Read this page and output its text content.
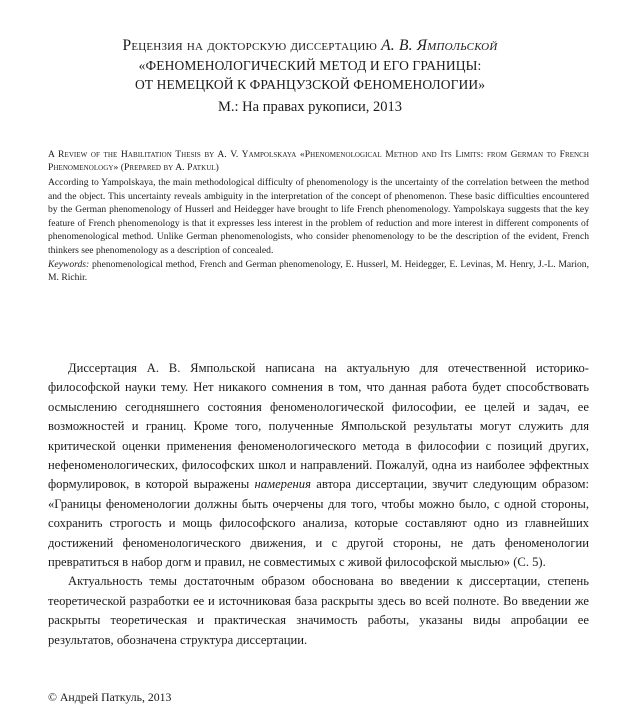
Рецензия на докторскую диссертацию А. В. Ямпольской
«ФЕНОМЕНОЛОГИЧЕСКИЙ МЕТОД И ЕГО ГРАНИЦЫ:
ОТ НЕМЕЦКОЙ К ФРАНЦУЗСКОЙ ФЕНОМЕНОЛОГИИ»
М.: На правах рукописи, 2013
A Review of the Habilitation Thesis by A. V. Yampolskaya «Phenomenological Method and Its Limits: from German to French Phenomenology» (Prepared by A. Patkul)

According to Yampolskaya, the main methodological difficulty of phenomenology is the uncertainty of the correlation between the method and the object. This uncertainty reveals ambiguity in the interpretation of the concept of phenomenon. These basic difficulties encountered by the German phenomenology of Husserl and Heidegger have brought to life French phenomenology. Yampolskaya suggests that the key feature of French phenomenology is that it expresses less interest in the problem of reduction and more interest in different components of phenomenological method. Unlike German phenomenologists, who consider phenomenology to be the description of the evident, French thinkers see phenomenology as a description of concealed.

Keywords: phenomenological method, French and German phenomenology, E. Husserl, M. Heidegger, E. Levinas, M. Henry, J.-L. Marion, M. Richir.

Диссертация А. В. Ямпольской написана на актуальную для отечественной историко-философской науки тему. Нет никакого сомнения в том, что данная работа будет способствовать осмыслению сегодняшнего состояния феноменологической философии, ее целей и задач, ее возможностей и границ. Кроме того, полученные Ямпольской результаты могут служить для критической оценки применения феноменологического метода в философии с позиций других, нефеноменологических, философских школ и направлений. Пожалуй, одна из наиболее эффектных формулировок, в которой выражены намерения автора диссертации, звучит следующим образом: «Границы феноменологии должны быть очерчены для того, чтобы можно было, с одной стороны, сохранить строгость и мощь философского анализа, которые составляют одно из главнейших достижений феноменологического движения, и с другой стороны, не дать феноменологии превратиться в набор догм и правил, не совместимых с живой философской мыслью» (С. 5).

Актуальность темы достаточным образом обоснована во введении к диссертации, степень теоретической разработки ее и источниковая база раскрыты здесь во всей полноте. Во введении же раскрыты теоретическая и практическая значимость работы, указаны виды апробации ее результатов, обозначена структура диссертации.

© Андрей Паткуль, 2013
